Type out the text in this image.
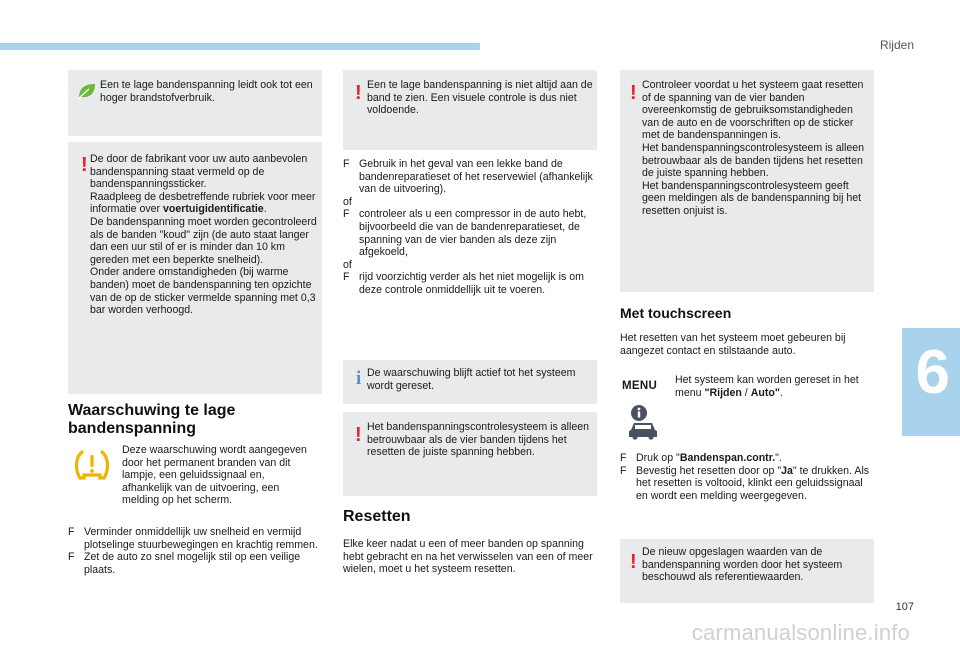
Rijden
Een te lage bandenspanning leidt ook tot een hoger brandstofverbruik.
! De door de fabrikant voor uw auto aanbevolen bandenspanning staat vermeld op de bandenspanningssticker.

Raadpleeg de desbetreffende rubriek voor meer informatie over voertuigidentificatie.

De bandenspanning moet worden gecontroleerd als de banden "koud" zijn (de auto staat langer dan een uur stil of er is minder dan 10 km gereden met een beperkte snelheid).

Onder andere omstandigheden (bij warme banden) moet de bandenspanning ten opzichte van de op de sticker vermelde spanning met 0,3 bar worden verhoogd.

Waarschuwing te lage bandenspanning
Deze waarschuwing wordt aangegeven door het permanent branden van dit lampje, een geluidssignaal en, afhankelijk van de uitvoering, een melding op het scherm.
F Verminder onmiddellijk uw snelheid en vermijd plotselinge stuurbewegingen en krachtig remmen.
F Zet de auto zo snel mogelijk stil op een veilige plaats.
! Een te lage bandenspanning is niet altijd aan de band te zien. Een visuele controle is dus niet voldoende.
F Gebruik in het geval van een lekke band de bandenreparatieset of het reservewiel (afhankelijk van de uitvoering).
of
F controleer als u een compressor in de auto hebt, bijvoorbeeld die van de bandenreparatieset, de spanning van de vier banden als deze zijn afgekoeld,
of
F rijd voorzichtig verder als het niet mogelijk is om deze controle onmiddellijk uit te voeren.
i De waarschuwing blijft actief tot het systeem wordt gereset.
! Het bandenspanningscontrolesysteem is alleen betrouwbaar als de vier banden tijdens het resetten de juiste spanning hebben.
Resetten
Elke keer nadat u een of meer banden op spanning hebt gebracht en na het verwisselen van een of meer wielen, moet u het systeem resetten.
! Controleer voordat u het systeem gaat resetten of de spanning van de vier banden overeenkomstig de gebruiksomstandigheden van de auto en de voorschriften op de sticker met de bandenspanningen is.

Het bandenspanningscontrolesysteem is alleen betrouwbaar als de banden tijdens het resetten de juiste spanning hebben.

Het bandenspanningscontrolesysteem geeft geen meldingen als de bandenspanning bij het resetten onjuist is.

Met touchscreen
Het resetten van het systeem moet gebeuren bij aangezet contact en stilstaande auto.
MENU Het systeem kan worden gereset in het menu "Rijden / Auto".
F Druk op "Bandenspan.contr.".
F Bevestig het resetten door op "Ja" te drukken. Als het resetten is voltooid, klinkt een geluidssignaal en wordt een melding weergegeven.
! De nieuw opgeslagen waarden van de bandenspanning worden door het systeem beschouwd als referentiewaarden.
6
107
carmanualsonline.info
